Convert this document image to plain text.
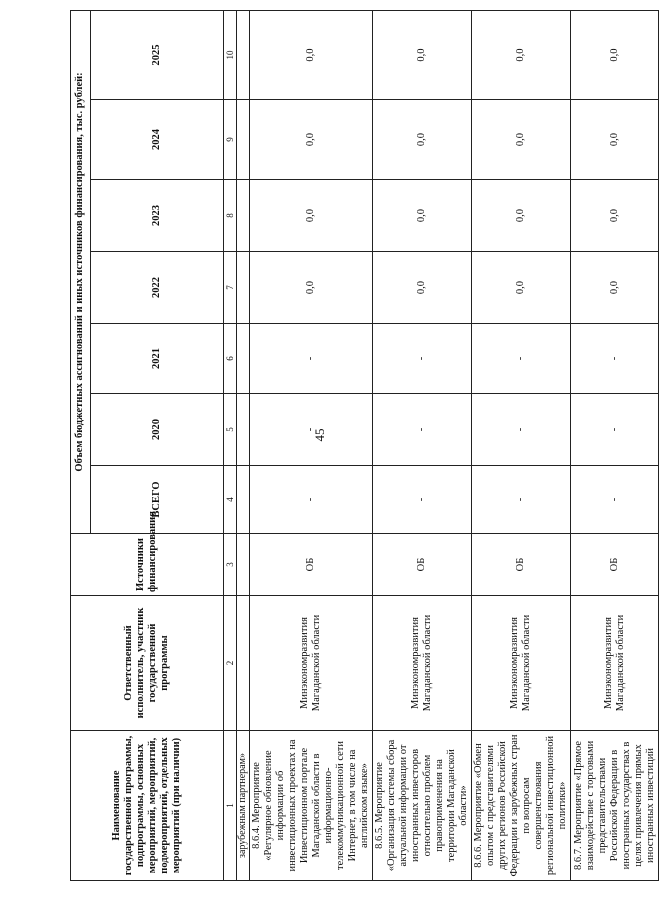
45
Наименование государственной программы, подпрограммы, основных мероприятий, мероприятий, подмероприятий, отдельных мероприятий (при наличии)	Ответственный исполнитель, участник государственной программы	Источники финансирования	Объем бюджетных ассигнований и иных источников финансирования, тыс. рублей:						
			ВСЕГО	2020	2021	2022	2023	2024	2025
1	2	3	4	5	6	7	8	9	10
зарубежным партнерам»									
8.6.4. Мероприятие «Регулярное обновление информации об инвестиционных проектах на Инвестиционном портале Магаданской области в информационно-телекоммуникационной сети Интернет, в том числе на английском языке»	Минэкономразвития Магаданской области	ОБ	-	-	-	0,0	0,0	0,0	0,0
8.6.5. Мероприятие «Организация системы сбора актуальной информации от иностранных инвесторов относительно проблем правоприменения на территории Магаданской области»	Минэкономразвития Магаданской области	ОБ	-	-	-	0,0	0,0	0,0	0,0
8.6.6. Мероприятие «Обмен опытом с представителями других регионов Российской Федерации и зарубежных стран по вопросам совершенствования региональной инвестиционной политики»	Минэкономразвития Магаданской области	ОБ	-	-	-	0,0	0,0	0,0	0,0
8.6.7. Мероприятие «Прямое взаимодействие с торговыми представительствами Российской Федерации в иностранных государствах в целях привлечения прямых иностранных инвестиций	Минэкономразвития Магаданской области	ОБ	-	-	-	0,0	0,0	0,0	0,0
